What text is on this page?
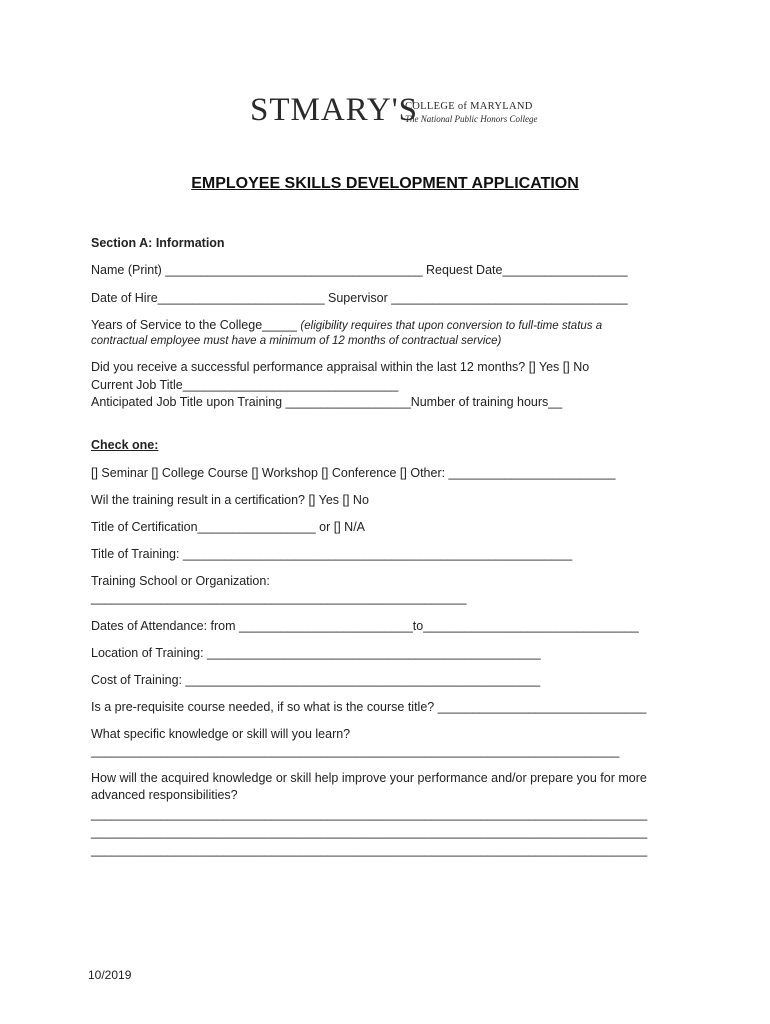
STMARY'S
COLLEGE of MARYLAND
The National Public Honors College
EMPLOYEE SKILLS DEVELOPMENT APPLICATION
Section A: Information
Name (Print) _____________________________________ Request Date__________________
Date of Hire________________________ Supervisor __________________________________
Years of Service to the College_____ (eligibility requires that upon conversion to full-time status a
contractual employee must have a minimum of 12 months of contractual service)
Did you receive a successful performance appraisal within the last 12 months? [] Yes [] No
Current Job Title_______________________________
Anticipated Job Title upon Training __________________Number of training hours__
Check one:
[] Seminar [] College Course [] Workshop [] Conference [] Other: ________________________
Wil the training result in a certification? [] Yes [] No
Title of Certification_________________ or [] N/A
Title of Training: ________________________________________________________
Training School or Organization:
______________________________________________________
Dates of Attendance: from _________________________to_______________________________
Location of Training: ________________________________________________
Cost of Training: ___________________________________________________
Is a pre-requisite course needed, if so what is the course title? ______________________________
What specific knowledge or skill will you learn?
____________________________________________________________________________
How will the acquired knowledge or skill help improve your performance and/or prepare you for more
advanced responsibilities?
________________________________________________________________________________
________________________________________________________________________________
________________________________________________________________________________
10/2019
